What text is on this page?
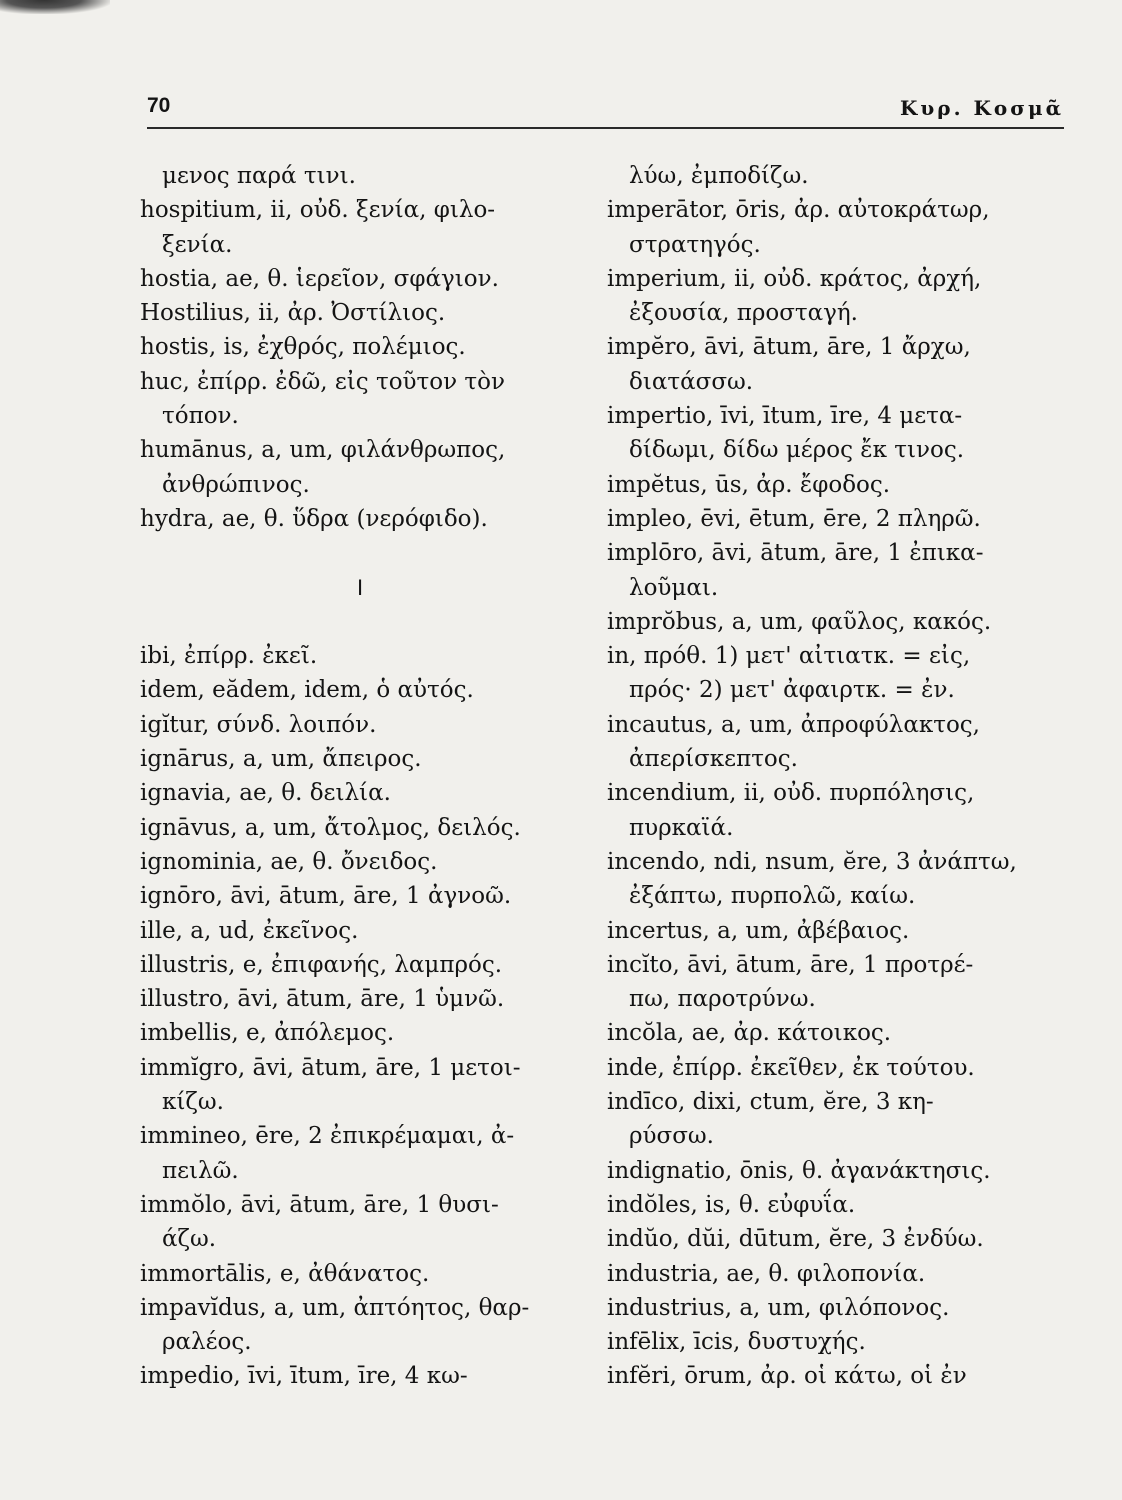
70	Κυρ. Κοσμᾶ
μενος παρά τινι.
hospitium, ii, οὐδ. ξενία, φιλο-
ξενία.
hostia, ae, θ. ἱερεῖον, σφάγιον.
Hostilius, ii, ἀρ. Ὀστίλιος.
hostis, is, ἐχθρός, πολέμιος.
huc, ἐπίρρ. ἐδῶ, εἰς τοῦτον τὸν
τόπον.
humānus, a, um, φιλάνθρωπος,
ἀνθρώπινος.
hydra, ae, θ. ὕδρα (νερόφιδο).
I
ibi, ἐπίρρ. ἐκεῖ.
idem, eădem, idem, ὁ αὐτός.
igĭtur, σύνδ. λοιπόν.
ignārus, a, um, ἄπειρος.
ignavia, ae, θ. δειλία.
ignāvus, a, um, ἄτολμος, δειλός.
ignominia, ae, θ. ὄνειδος.
ignōro, āvi, ātum, āre, 1 ἀγνοῶ.
ille, a, ud, ἐκεῖνος.
illustris, e, ἐπιφανής, λαμπρός.
illustro, āvi, ātum, āre, 1 ὑμνῶ.
imbellis, e, ἀπόλεμος.
immĭgro, āvi, ātum, āre, 1 μετοι-
κίζω.
immineo, ēre, 2 ἐπικρέμαμαι, ἀ-
πειλῶ.
immŏlo, āvi, ātum, āre, 1 θυσι-
άζω.
immortālis, e, ἀθάνατος.
impavĭdus, a, um, ἀπτόητος, θαρ-
ραλέος.
impedio, īvi, ītum, īre, 4 κω-
λύω, ἐμποδίζω.
imperātor, ōris, ἀρ. αὐτοκράτωρ,
στρατηγός.
imperium, ii, οὐδ. κράτος, ἀρχή,
ἐξουσία, προσταγή.
impĕro, āvi, ātum, āre, 1 ἄρχω,
διατάσσω.
impertio, īvi, ītum, īre, 4 μετα-
δίδωμι, δίδω μέρος ἔκ τινος.
impĕtus, ūs, ἀρ. ἔφοδος.
impleo, ēvi, ētum, ēre, 2 πληρῶ.
implōro, āvi, ātum, āre, 1 ἐπικα-
λοῦμαι.
imprŏbus, a, um, φαῦλος, κακός.
in, πρόθ. 1) μετ' αἰτιατκ. = εἰς,
πρός· 2) μετ' ἀφαιρτκ. = ἐν.
incautus, a, um, ἀπροφύλακτος,
ἀπερίσκεπτος.
incendium, ii, οὐδ. πυρπόλησις,
πυρκαϊά.
incendo, ndi, nsum, ĕre, 3 ἀνάπτω,
ἐξάπτω, πυρπολῶ, καίω.
incertus, a, um, ἀβέβαιος.
incĭto, āvi, ātum, āre, 1 προτρέ-
πω, παροτρύνω.
incŏla, ae, ἀρ. κάτοικος.
inde, ἐπίρρ. ἐκεῖθεν, ἐκ τούτου.
indīco, dixi, ctum, ĕre, 3 κη-
ρύσσω.
indignatio, ōnis, θ. ἀγανάκτησις.
indŏles, is, θ. εὐφυΐα.
indŭo, dŭi, dūtum, ĕre, 3 ἐνδύω.
industria, ae, θ. φιλοπονία.
industrius, a, um, φιλόπονος.
infēlix, īcis, δυστυχής.
infĕri, ōrum, ἀρ. οἱ κάτω, οἱ ἐν
